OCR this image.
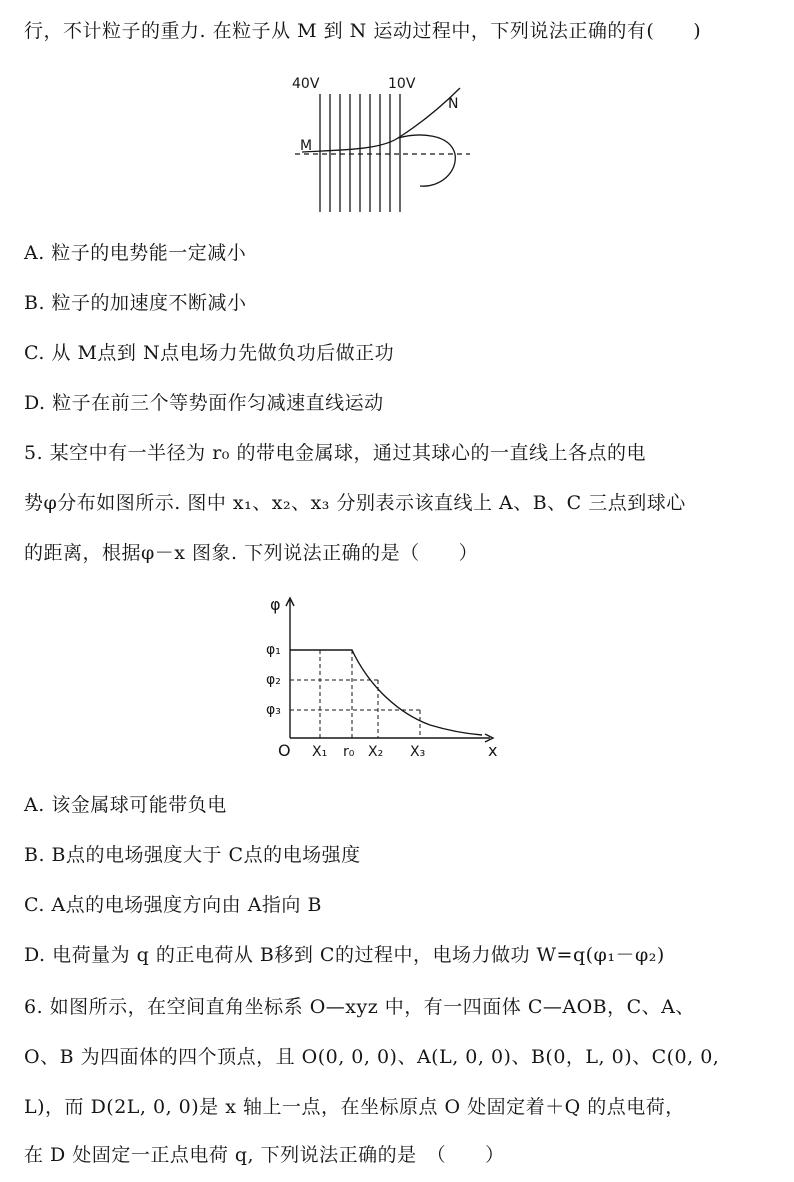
行，不计粒子的重力. 在粒子从 M 到 N 运动过程中，下列说法正确的有(　　)
40V	10V
M
N
A. 粒子的电势能一定减小
B. 粒子的加速度不断减小
C. 从 M点到 N点电场力先做负功后做正功
D. 粒子在前三个等势面作匀减速直线运动
5. 某空中有一半径为 r₀ 的带电金属球，通过其球心的一直线上各点的电
势φ分布如图所示. 图中 x₁、x₂、x₃ 分别表示该直线上 A、B、C 三点到球心
的距离，根据φ－x 图象. 下列说法正确的是（　　）
φ
x
O
φ₁
φ₂
φ₃
X₁ r₀ X₂ X₃
A. 该金属球可能带负电
B. B点的电场强度大于 C点的电场强度
C. A点的电场强度方向由 A指向 B
D. 电荷量为 q 的正电荷从 B移到 C的过程中，电场力做功 W=q(φ₁－φ₂)
6. 如图所示，在空间直角坐标系 O—xyz 中，有一四面体 C—AOB，C、A、
O、B 为四面体的四个顶点，且 O(0, 0, 0)、A(L, 0, 0)、B(0，L, 0)、C(0, 0,
L)，而 D(2L, 0, 0)是 x 轴上一点，在坐标原点 O 处固定着＋Q 的点电荷，
在 D 处固定一正点电荷 q, 下列说法正确的是　（　　）
